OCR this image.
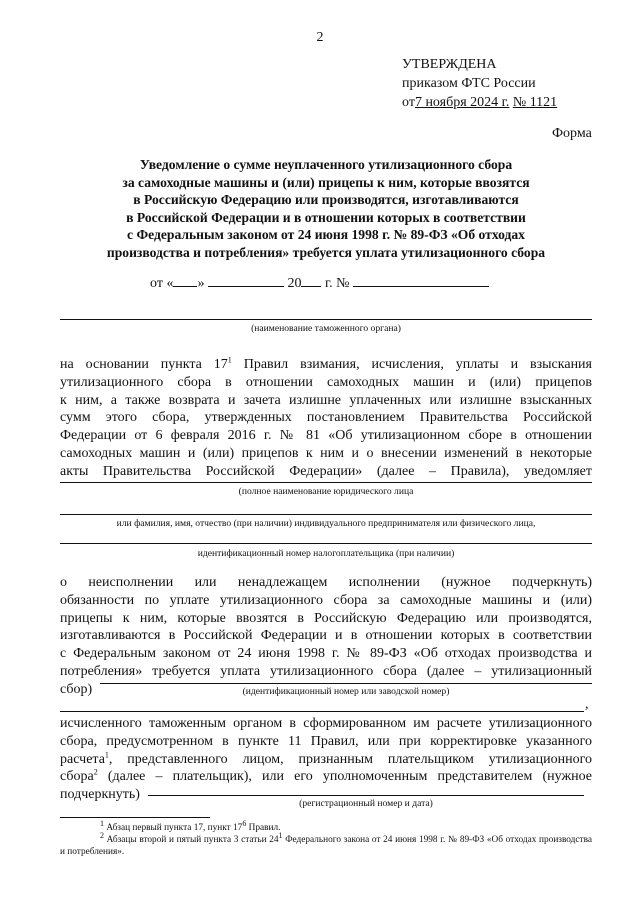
2
УТВЕРЖДЕНА
приказом ФТС России
от7 ноября 2024 г. № 1121
Форма
Уведомление о сумме неуплаченного утилизационного сбора
за самоходные машины и (или) прицепы к ним, которые ввозятся
в Российскую Федерацию или производятся, изготавливаются
в Российской Федерации и в отношении которых в соответствии
с Федеральным законом от 24 июня 1998 г. № 89-ФЗ «Об отходах
производства и потребления» требуется уплата утилизационного сбора
от « »	20 г. №
(наименование таможенного органа)
на основании пункта $17^1$ Правил взимания, исчисления, уплаты и взыскания
утилизационного сбора в отношении самоходных машин и (или) прицепов
к ним, а также возврата и зачета излишне уплаченных или излишне взысканных
сумм этого сбора, утвержденных постановлением Правительства Российской
Федерации от 6 февраля 2016 г. № 81 «Об утилизационном сборе в отношении
самоходных машин и (или) прицепов к ним и о внесении изменений в некоторые
акты Правительства Российской Федерации» (далее – Правила), уведомляет
(полное наименование юридического лица
или фамилия, имя, отчество (при наличии) индивидуального предпринимателя или физического лица,
идентификационный номер налогоплательщика (при наличии)
о неисполнении или ненадлежащем исполнении (нужное подчеркнуть)
обязанности по уплате утилизационного сбора за самоходные машины и (или)
прицепы к ним, которые ввозятся в Российскую Федерацию или производятся,
изготавливаются в Российской Федерации и в отношении которых в соответствии
с Федеральным законом от 24 июня 1998 г. № 89-ФЗ «Об отходах производства и
потребления» требуется уплата утилизационного сбора (далее – утилизационный
сбор)	(идентификационный номер или заводской номер)
,
исчисленного таможенным органом в сформированном им расчете утилизационного
сбора, предусмотренном в пункте 11 Правил, или при корректировке указанного
расчета$^1$, представленного лицом, признанным плательщиком утилизационного
сбора$^2$ (далее – плательщик), или его уполномоченным представителем (нужное
подчеркнуть)
(регистрационный номер и дата)
$^1$ Абзац первый пункта 17, пункт $17^6$ Правил.
$^2$ Абзацы второй и пятый пункта 3 статьи $24^1$ Федерального закона от 24 июня 1998 г. № 89-ФЗ «Об отходах производства и потребления».
